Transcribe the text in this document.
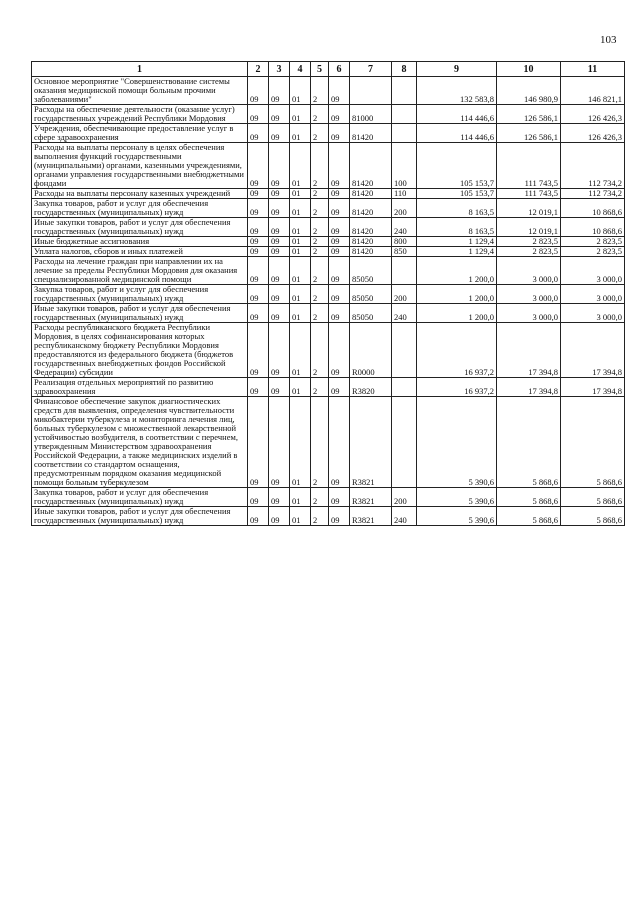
103
1	2	3	4	5	6	7	8	9	10	11
Основное мероприятие "Совершенствование системы оказания медицинской помощи больным прочими заболеваниями"	09	09	01	2	09			132 583,8	146 980,9	146 821,1
Расходы на обеспечение деятельности (оказание услуг) государственных учреждений Республики Мордовия	09	09	01	2	09	81000		114 446,6	126 586,1	126 426,3
Учреждения, обеспечивающие предоставление услуг в сфере здравоохранения	09	09	01	2	09	81420		114 446,6	126 586,1	126 426,3
Расходы на выплаты персоналу в целях обеспечения выполнения функций государственными (муниципальными) органами, казенными учреждениями, органами управления государственными внебюджетными фондами	09	09	01	2	09	81420	100	105 153,7	111 743,5	112 734,2
Расходы на выплаты персоналу казенных учреждений	09	09	01	2	09	81420	110	105 153,7	111 743,5	112 734,2
Закупка товаров, работ и услуг для обеспечения государственных (муниципальных) нужд	09	09	01	2	09	81420	200	8 163,5	12 019,1	10 868,6
Иные закупки товаров, работ и услуг для обеспечения государственных (муниципальных) нужд	09	09	01	2	09	81420	240	8 163,5	12 019,1	10 868,6
Иные бюджетные ассигнования	09	09	01	2	09	81420	800	1 129,4	2 823,5	2 823,5
Уплата налогов, сборов и иных платежей	09	09	01	2	09	81420	850	1 129,4	2 823,5	2 823,5
Расходы на лечение граждан при направлении их на лечение за пределы Республики Мордовия для оказания специализированной медицинской помощи	09	09	01	2	09	85050		1 200,0	3 000,0	3 000,0
Закупка товаров, работ и услуг для обеспечения государственных (муниципальных) нужд	09	09	01	2	09	85050	200	1 200,0	3 000,0	3 000,0
Иные закупки товаров, работ и услуг для обеспечения государственных (муниципальных) нужд	09	09	01	2	09	85050	240	1 200,0	3 000,0	3 000,0
Расходы республиканского бюджета Республики Мордовия, в целях софинансирования которых республиканскому бюджету Республики Мордовия предоставляются из федерального бюджета (бюджетов государственных внебюджетных фондов Российской Федерации) субсидии	09	09	01	2	09	R0000		16 937,2	17 394,8	17 394,8
Реализация отдельных мероприятий по развитию здравоохранения	09	09	01	2	09	R3820		16 937,2	17 394,8	17 394,8
Финансовое обеспечение закупок диагностических средств для выявления, определения чувствительности микобактерии туберкулеза и мониторинга лечения лиц, больных туберкулезом с множественной лекарственной устойчивостью возбудителя, в соответствии с перечнем, утвержденным Министерством здравоохранения Российской Федерации, а также медицинских изделий в соответствии со стандартом оснащения, предусмотренным порядком оказания медицинской помощи больным туберкулезом	09	09	01	2	09	R3821		5 390,6	5 868,6	5 868,6
Закупка товаров, работ и услуг для обеспечения государственных (муниципальных) нужд	09	09	01	2	09	R3821	200	5 390,6	5 868,6	5 868,6
Иные закупки товаров, работ и услуг для обеспечения государственных (муниципальных) нужд	09	09	01	2	09	R3821	240	5 390,6	5 868,6	5 868,6
